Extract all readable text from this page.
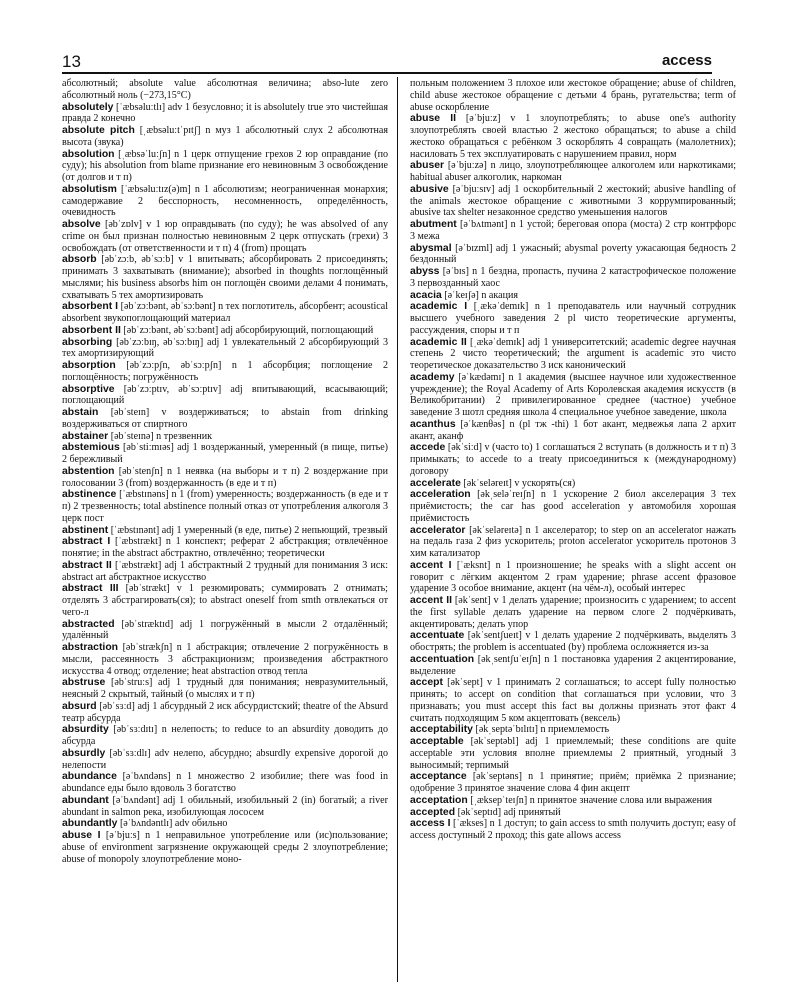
13	access

абсолютный; absolute value абсолютная величина; abso-lute zero абсолютный ноль (−273,15°C)

absolutely [ˈæbsəluːtlɪ] adv 1 безусловно; it is absolutely true это чистейшая правда 2 конечно

absolute pitch [ˌæbsəluːtˈpɪtʃ] n муз 1 абсолютный слух 2 абсолютная высота (звука)

absolution [ˌæbsəˈluːʃn] n 1 церк отпущение грехов 2 юр оправдание (по суду); his absolution from blame признание его невиновным 3 освобождение (от долгов и т п)

absolutism [ˈæbsəluːtɪz(ə)m] n 1 абсолютизм; неограниченная монархия; самодержавие 2 бесспорность, несомненность, определённость, очевидность

absolve [əbˈzɒlv] v 1 юр оправдывать (по суду); he was absolved of any crime он был признан полностью невиновным 2 церк отпускать (грехи) 3 освобождать (от ответственности и т п) 4 (from) прощать

absorb [əbˈzɔːb, əbˈsɔːb] v 1 впитывать; абсорбировать 2 присоединять; принимать 3 захватывать (внимание); absorbed in thoughts поглощённый мыслями; his business absorbs him он поглощён своими делами 4 понимать, схватывать 5 тех амортизировать

absorbent I [əbˈzɔːbənt, əbˈsɔːbənt] n тех поглотитель, абсорбент; acoustical absorbent звукопоглощающий материал

absorbent II [əbˈzɔːbənt, əbˈsɔːbənt] adj абсорбирующий, поглощающий

absorbing [əbˈzɔːbɪŋ, əbˈsɔːbɪŋ] adj 1 увлекательный 2 абсорбирующий 3 тех амортизирующий

absorption [əbˈzɔːpʃn, əbˈsɔːpʃn] n 1 абсорбция; поглощение 2 поглощённость; погружённость

absorptive [əbˈzɔːptɪv, əbˈsɔːptɪv] adj впитывающий, всасывающий; поглощающий

abstain [əbˈsteɪn] v воздерживаться; to abstain from drinking воздерживаться от спиртного

abstainer [əbˈsteɪnə] n трезвенник

abstemious [əbˈstiːmɪəs] adj 1 воздержанный, умеренный (в пище, питье) 2 бережливый

abstention [əbˈstenʃn] n 1 неявка (на выборы и т п) 2 воздержание при голосовании 3 (from) воздержанность (в еде и т п)

abstinence [ˈæbstɪnəns] n 1 (from) умеренность; воздержанность (в еде и т п) 2 трезвенность; total abstinence полный отказ от употребления алкоголя 3 церк пост

abstinent [ˈæbstɪnənt] adj 1 умеренный (в еде, питье) 2 непьющий, трезвый

abstract I [ˈæbstrækt] n 1 конспект; реферат 2 абстракция; отвлечённое понятие; in the abstract абстрактно, отвлечённо; теоретически

abstract II [ˈæbstrækt] adj 1 абстрактный 2 трудный для понимания 3 иск: abstract art абстрактное искусство

abstract III [əbˈstrækt] v 1 резюмировать; суммировать 2 отнимать; отделять 3 абстрагировать(ся); to abstract oneself from smth отвлекаться от чего-л

abstracted [əbˈstræktɪd] adj 1 погружённый в мысли 2 отдалённый; удалённый

abstraction [əbˈstrækʃn] n 1 абстракция; отвлечение 2 погружённость в мысли, рассеянность 3 абстракционизм; произведения абстрактного искусства 4 отвод; отделение; heat abstraction отвод тепла

abstruse [əbˈstruːs] adj 1 трудный для понимания; невразумительный, неясный 2 скрытый, тайный (о мыслях и т п)

absurd [əbˈsɜːd] adj 1 абсурдный 2 иск абсурдистский; theatre of the Absurd театр абсурда

absurdity [əbˈsɜːdɪtɪ] n нелепость; to reduce to an absurdity доводить до абсурда

absurdly [əbˈsɜːdlɪ] adv нелепо, абсурдно; absurdly expensive дорогой до нелепости

abundance [əˈbʌndəns] n 1 множество 2 изобилие; there was food in abundance еды было вдоволь 3 богатство

abundant [əˈbʌndənt] adj 1 обильный, изобильный 2 (in) богатый; a river abundant in salmon река, изобилующая лососем

abundantly [əˈbʌndəntlɪ] adv обильно

abuse I [əˈbjuːs] n 1 неправильное употребление или (ис)пользование; abuse of environment загрязнение окружающей среды 2 злоупотребление; abuse of monopoly злоупотребление моно-

польным положением 3 плохое или жестокое обращение; abuse of children, child abuse жестокое обращение с детьми 4 брань, ругательства; term of abuse оскорбление

abuse II [əˈbjuːz] v 1 злоупотреблять; to abuse one's authority злоупотреблять своей властью 2 жестоко обращаться; to abuse a child жестоко обращаться с ребёнком 3 оскорблять 4 совращать (малолетних); насиловать 5 тех эксплуатировать с нарушением правил, норм

abuser [əˈbjuːzə] n лицо, злоупотребляющее алкоголем или наркотиками; habitual abuser алкоголик, наркоман

abusive [əˈbjuːsɪv] adj 1 оскорбительный 2 жестокий; abusive handling of the animals жестокое обращение с животными 3 коррумпированный; abusive tax shelter незаконное средство уменьшения налогов

abutment [əˈbʌtmənt] n 1 устой; береговая опора (моста) 2 стр контрфорс 3 межа

abysmal [əˈbɪzml] adj 1 ужасный; abysmal poverty ужасающая бедность 2 бездонный

abyss [əˈbɪs] n 1 бездна, пропасть, пучина 2 катастрофическое положение 3 первозданный хаос

acacia [əˈkeɪʃə] n акация

academic I [ˌækəˈdemɪk] n 1 преподаватель или научный сотрудник высшего учебного заведения 2 pl чисто теоретические аргументы, рассуждения, споры и т п

academic II [ˌækəˈdemɪk] adj 1 университетский; academic degree научная степень 2 чисто теоретический; the argument is academic это чисто теоретическое доказательство 3 иск канонический

academy [əˈkædəmɪ] n 1 академия (высшее научное или художественное учреждение); the Royal Academy of Arts Королевская академия искусств (в Великобритании) 2 привилегированное среднее (частное) учебное заведение 3 шотл средняя школа 4 специальное учебное заведение, школа

acanthus [əˈkænθəs] n (pl тж -thi) 1 бот акант, медвежья лапа 2 архит акант, аканф

accede [əkˈsiːd] v (часто to) 1 соглашаться 2 вступать (в должность и т п) 3 примыкать; to accede to a treaty присоединиться к (международному) договору

accelerate [əkˈseləreɪt] v ускорять(ся)

acceleration [əkˌseləˈreɪʃn] n 1 ускорение 2 биол акселерация 3 тех приёмистость; the car has good acceleration у автомобиля хорошая приёмистость

accelerator [əkˈseləreɪtə] n 1 акселератор; to step on an accelerator нажать на педаль газа 2 физ ускоритель; proton accelerator ускоритель протонов 3 хим катализатор

accent I [ˈæksnt] n 1 произношение; he speaks with a slight accent он говорит с лёгким акцентом 2 грам ударение; phrase accent фразовое ударение 3 особое внимание, акцент (на чём-л), особый интерес

accent II [əkˈsent] v 1 делать ударение; произносить с ударением; to accent the first syllable делать ударение на первом слоге 2 подчёркивать, акцентировать; делать упор

accentuate [əkˈsentʃueɪt] v 1 делать ударение 2 подчёркивать, выделять 3 обострять; the problem is accentuated (by) проблема осложняется из-за

accentuation [əkˌsentʃuˈeɪʃn] n 1 постановка ударения 2 акцентирование, выделение

accept [əkˈsept] v 1 принимать 2 соглашаться; to accept fully полностью принять; to accept on condition that соглашаться при условии, что 3 признавать; you must accept this fact вы должны признать этот факт 4 считать подходящим 5 ком акцептовать (вексель)

acceptability [əkˌseptəˈbɪlɪtɪ] n приемлемость

acceptable [əkˈseptəbl] adj 1 приемлемый; these conditions are quite acceptable эти условия вполне приемлемы 2 приятный, угодный 3 выносимый; терпимый

acceptance [əkˈseptəns] n 1 принятие; приём; приёмка 2 признание; одобрение 3 принятое значение слова 4 фин акцепт

acceptation [ˌæksepˈteɪʃn] n принятое значение слова или выражения

accepted [əkˈseptɪd] adj принятый

access I [ˈækses] n 1 доступ; to gain access to smth получить доступ; easy of access доступный 2 проход; this gate allows access
